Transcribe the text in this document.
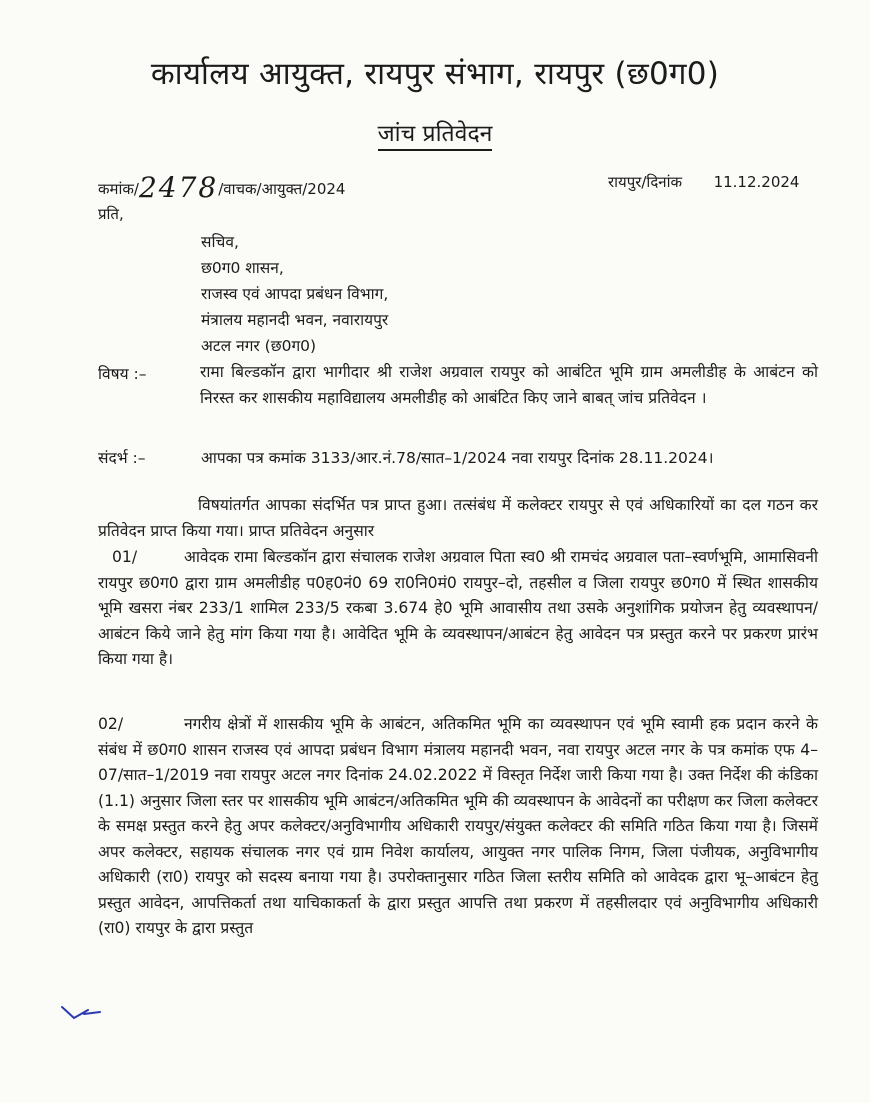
कार्यालय आयुक्त, रायपुर संभाग, रायपुर (छ0ग0)
जांच प्रतिवेदन
कमांक/2478/वाचक/आयुक्त/2024	रायपुर/दिनांक 11.12.2024
प्रति,
सचिव,
छ0ग0 शासन,
राजस्व एवं आपदा प्रबंधन विभाग,
मंत्रालय महानदी भवन, नवारायपुर
अटल नगर (छ0ग0)
विषय :–	रामा बिल्डकॉन द्वारा भागीदार श्री राजेश अग्रवाल रायपुर को आबंटित भूमि ग्राम अमलीडीह के आबंटन को निरस्त कर शासकीय महाविद्यालय अमलीडीह को आबंटित किए जाने बाबत् जांच प्रतिवेदन ।
संदर्भ :–	आपका पत्र कमांक 3133/आर.नं.78/सात–1/2024 नवा रायपुर दिनांक 28.11.2024।
विषयांतर्गत आपका संदर्भित पत्र प्राप्त हुआ। तत्संबंध में कलेक्टर रायपुर से एवं अधिकारियों का दल गठन कर प्रतिवेदन प्राप्त किया गया। प्राप्त प्रतिवेदन अनुसार
01/	आवेदक रामा बिल्डकॉन द्वारा संचालक राजेश अग्रवाल पिता स्व0 श्री रामचंद अग्रवाल पता–स्वर्णभूमि, आमासिवनी रायपुर छ0ग0 द्वारा ग्राम अमलीडीह प0ह0नं0 69 रा0नि0मं0 रायपुर–दो, तहसील व जिला रायपुर छ0ग0 में स्थित शासकीय भूमि खसरा नंबर 233/1 शामिल 233/5 रकबा 3.674 हे0 भूमि आवासीय तथा उसके अनुशांगिक प्रयोजन हेतु व्यवस्थापन/आबंटन किये जाने हेतु मांग किया गया है। आवेदित भूमि के व्यवस्थापन/आबंटन हेतु आवेदन पत्र प्रस्तुत करने पर प्रकरण प्रारंभ किया गया है।
02/	नगरीय क्षेत्रों में शासकीय भूमि के आबंटन, अतिकमित भूमि का व्यवस्थापन एवं भूमि स्वामी हक प्रदान करने के संबंध में छ0ग0 शासन राजस्व एवं आपदा प्रबंधन विभाग मंत्रालय महानदी भवन, नवा रायपुर अटल नगर के पत्र कमांक एफ 4–07/सात–1/2019 नवा रायपुर अटल नगर दिनांक 24.02.2022 में विस्तृत निर्देश जारी किया गया है। उक्त निर्देश की कंडिका (1.1) अनुसार जिला स्तर पर शासकीय भूमि आबंटन/अतिकमित भूमि की व्यवस्थापन के आवेदनों का परीक्षण कर जिला कलेक्टर के समक्ष प्रस्तुत करने हेतु अपर कलेक्टर/अनुविभागीय अधिकारी रायपुर/संयुक्त कलेक्टर की समिति गठित किया गया है। जिसमें अपर कलेक्टर, सहायक संचालक नगर एवं ग्राम निवेश कार्यालय, आयुक्त नगर पालिक निगम, जिला पंजीयक, अनुविभागीय अधिकारी (रा0) रायपुर को सदस्य बनाया गया है। उपरोक्तानुसार गठित जिला स्तरीय समिति को आवेदक द्वारा भू–आबंटन हेतु प्रस्तुत आवेदन, आपत्तिकर्ता तथा याचिकाकर्ता के द्वारा प्रस्तुत आपत्ति तथा प्रकरण में तहसीलदार एवं अनुविभागीय अधिकारी (रा0) रायपुर के द्वारा प्रस्तुत
